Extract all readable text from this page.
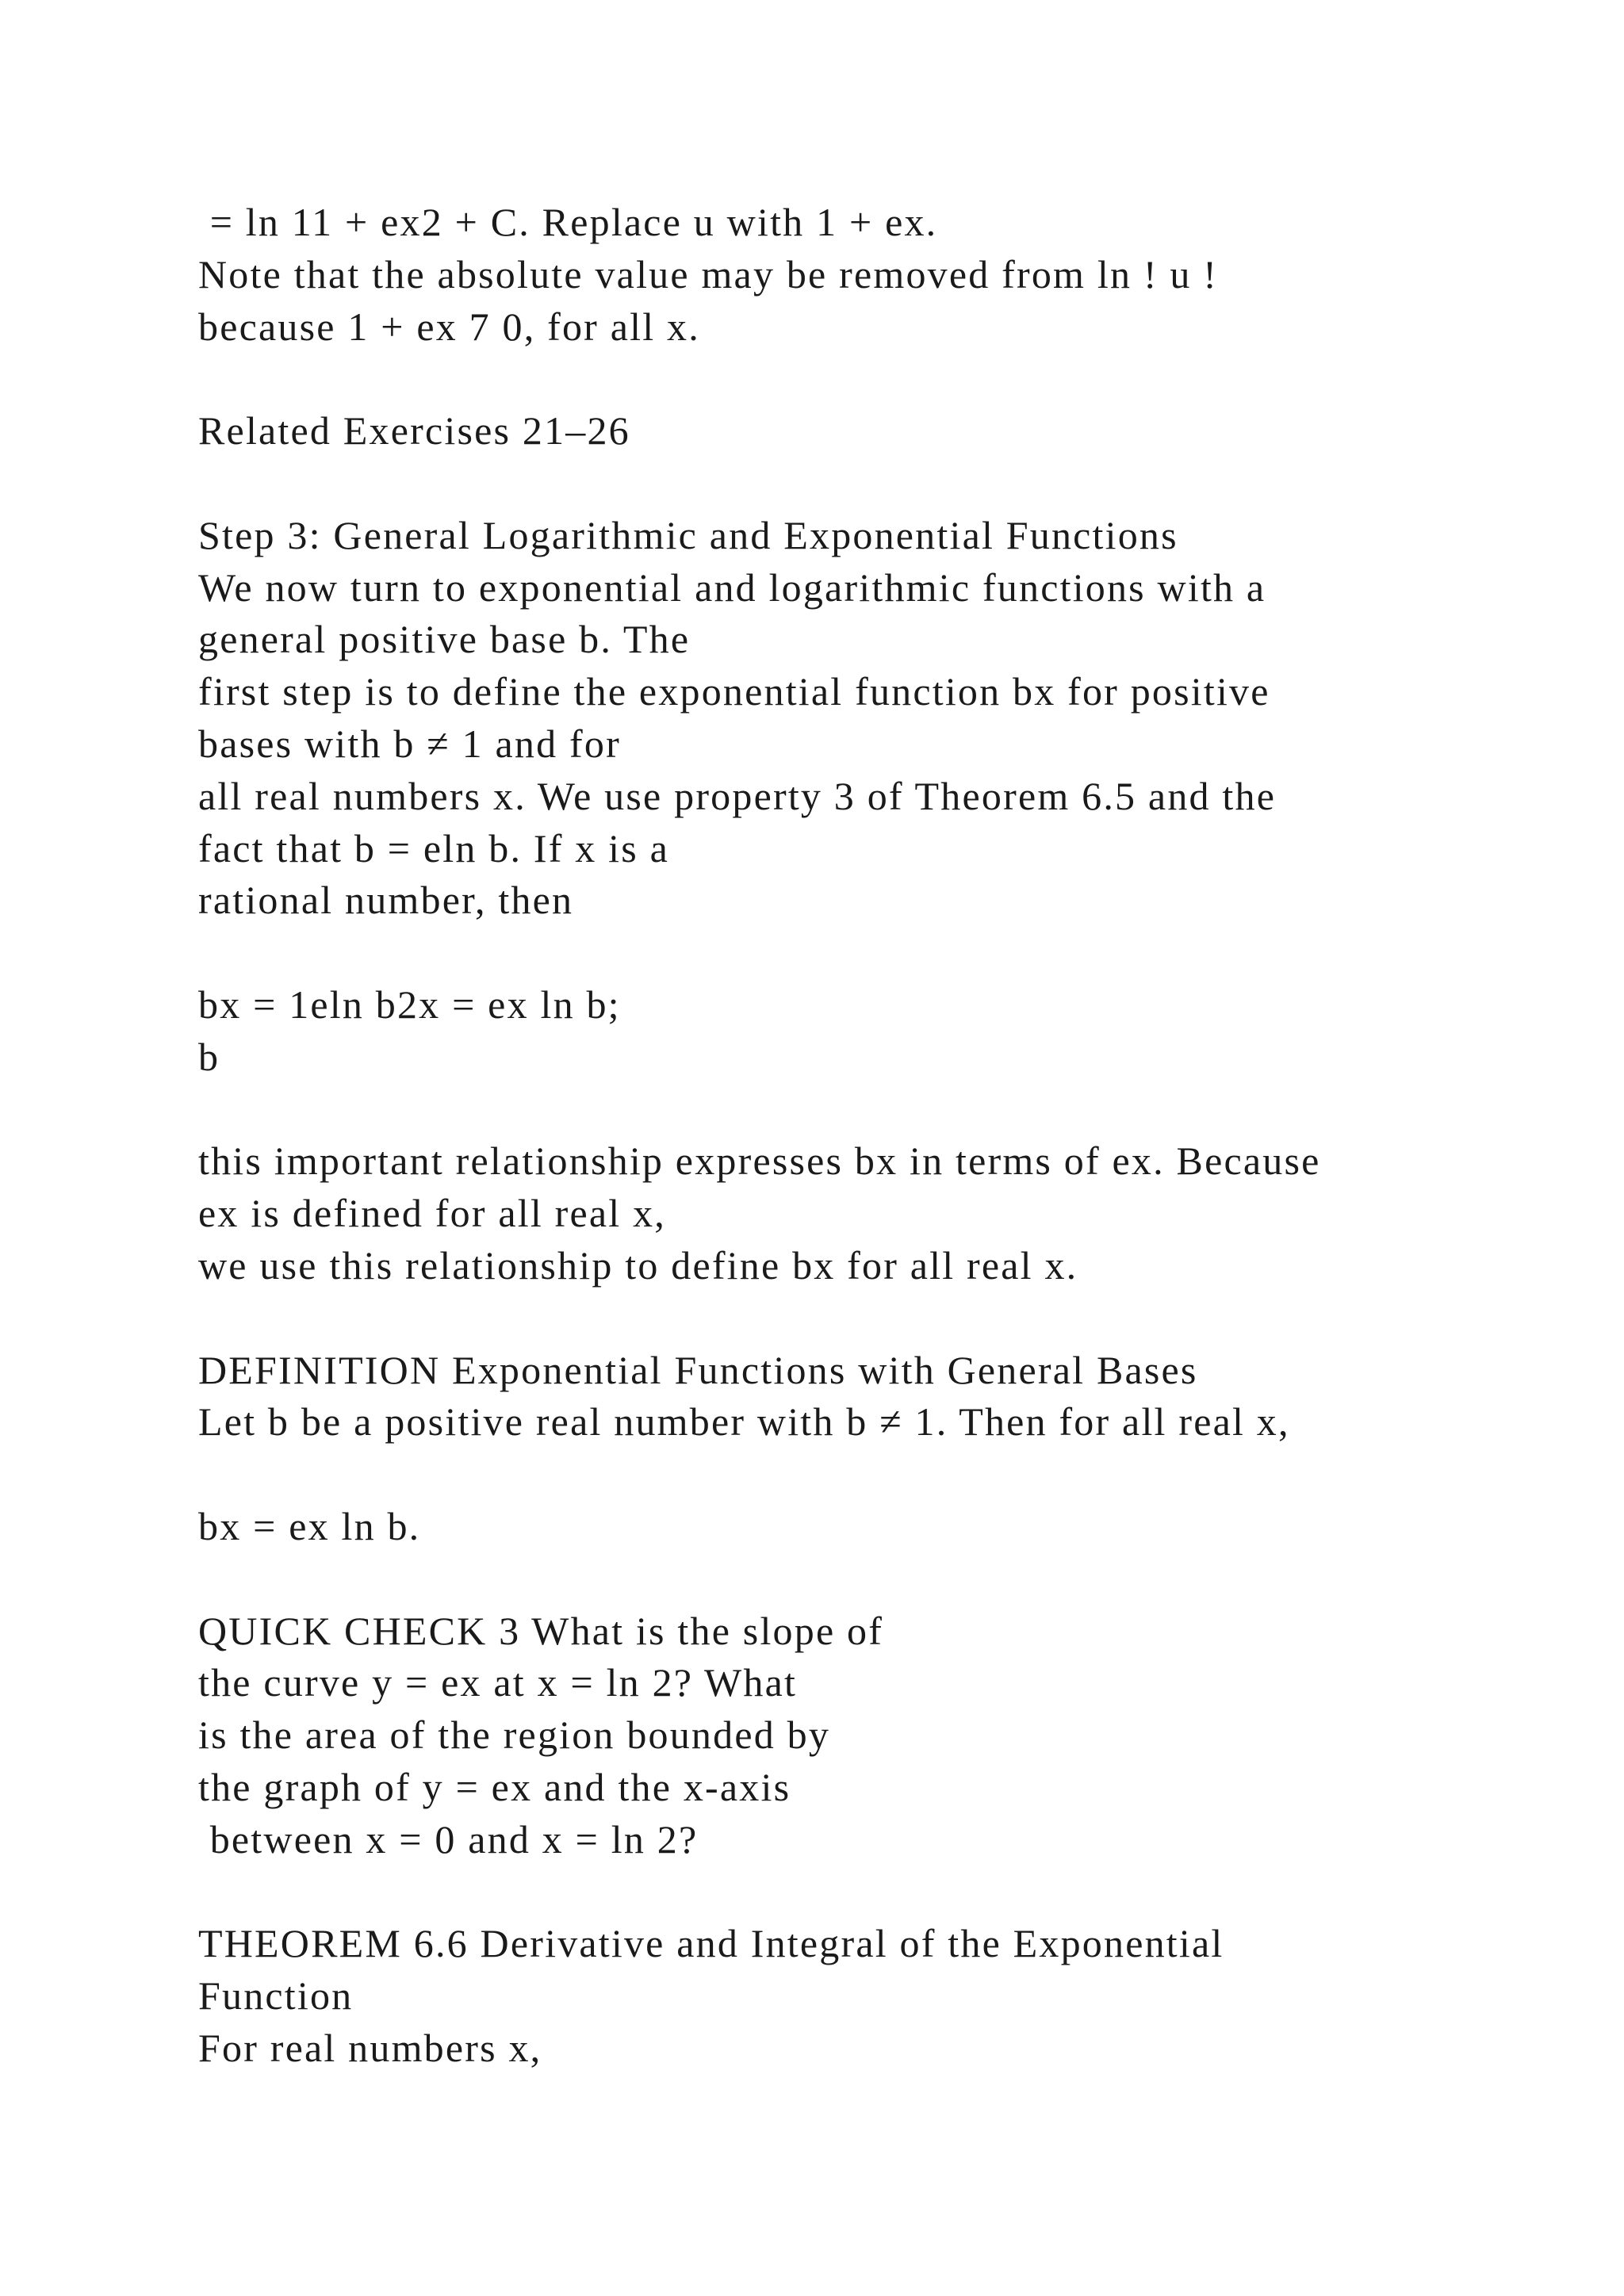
= ln 11 + ex2 + C. Replace u with 1 + ex.
Note that the absolute value may be removed from ln ! u !
because 1 + ex 7 0, for all x.
Related Exercises 21–26
Step 3: General Logarithmic and Exponential Functions
We now turn to exponential and logarithmic functions with a
general positive base b. The
first step is to define the exponential function bx for positive
bases with b ≠ 1 and for
all real numbers x. We use property 3 of Theorem 6.5 and the
fact that b = eln b. If x is a
rational number, then
bx = 1eln b2x = ex ln b;
b
this important relationship expresses bx in terms of ex. Because
ex is defined for all real x,
we use this relationship to define bx for all real x.
DEFINITION Exponential Functions with General Bases
Let b be a positive real number with b ≠ 1. Then for all real x,
bx = ex ln b.
QUICK CHECK 3 What is the slope of
the curve y = ex at x = ln 2? What
is the area of the region bounded by
the graph of y = ex and the x-axis
between x = 0 and x = ln 2?
THEOREM 6.6 Derivative and Integral of the Exponential
Function
For real numbers x,
